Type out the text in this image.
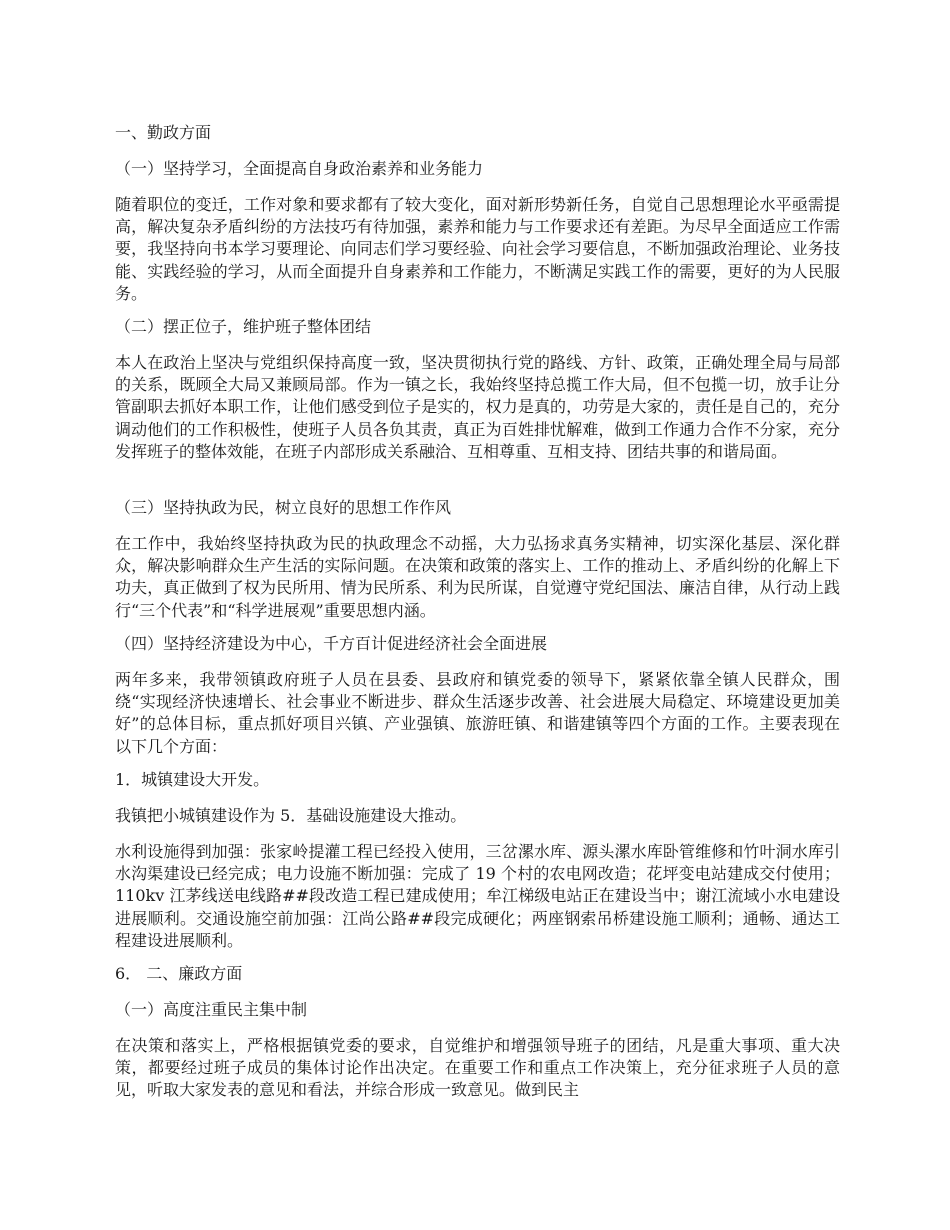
一、勤政方面
（一）坚持学习，全面提高自身政治素养和业务能力
随着职位的变迁，工作对象和要求都有了较大变化，面对新形势新任务，自觉自己思想理论水平亟需提高，解决复杂矛盾纠纷的方法技巧有待加强，素养和能力与工作要求还有差距。为尽早全面适应工作需要，我坚持向书本学习要理论、向同志们学习要经验、向社会学习要信息，不断加强政治理论、业务技能、实践经验的学习，从而全面提升自身素养和工作能力，不断满足实践工作的需要，更好的为人民服务。
（二）摆正位子，维护班子整体团结
本人在政治上坚决与党组织保持高度一致，坚决贯彻执行党的路线、方针、政策，正确处理全局与局部的关系，既顾全大局又兼顾局部。作为一镇之长，我始终坚持总揽工作大局，但不包揽一切，放手让分管副职去抓好本职工作，让他们感受到位子是实的，权力是真的，功劳是大家的，责任是自己的，充分调动他们的工作积极性，使班子人员各负其责，真正为百姓排忧解难，做到工作通力合作不分家，充分发挥班子的整体效能，在班子内部形成关系融洽、互相尊重、互相支持、团结共事的和谐局面。
（三）坚持执政为民，树立良好的思想工作作风
在工作中，我始终坚持执政为民的执政理念不动摇，大力弘扬求真务实精神，切实深化基层、深化群众，解决影响群众生产生活的实际问题。在决策和政策的落实上、工作的推动上、矛盾纠纷的化解上下功夫，真正做到了权为民所用、情为民所系、利为民所谋，自觉遵守党纪国法、廉洁自律，从行动上践行“三个代表”和“科学进展观”重要思想内涵。
（四）坚持经济建设为中心，千方百计促进经济社会全面进展
两年多来，我带领镇政府班子人员在县委、县政府和镇党委的领导下，紧紧依靠全镇人民群众，围绕“实现经济快速增长、社会事业不断进步、群众生活逐步改善、社会进展大局稳定、环境建设更加美好”的总体目标，重点抓好项目兴镇、产业强镇、旅游旺镇、和谐建镇等四个方面的工作。主要表现在以下几个方面：
1．城镇建设大开发。
我镇把小城镇建设作为 5．基础设施建设大推动。
水利设施得到加强：张家岭提灌工程已经投入使用，三岔漯水库、源头漯水库卧管维修和竹叶洞水库引水沟渠建设已经完成；电力设施不断加强：完成了 19 个村的农电网改造；花坪变电站建成交付使用；110kv 江茅线送电线路##段改造工程已建成使用；牟江梯级电站正在建设当中；谢江流域小水电建设进展顺利。交通设施空前加强：江尚公路##段完成硬化；两座钢索吊桥建设施工顺利；通畅、通达工程建设进展顺利。
6． 二、廉政方面
（一）高度注重民主集中制
在决策和落实上，严格根据镇党委的要求，自觉维护和增强领导班子的团结，凡是重大事项、重大决策，都要经过班子成员的集体讨论作出决定。在重要工作和重点工作决策上，充分征求班子人员的意见，听取大家发表的意见和看法，并综合形成一致意见。做到民主
